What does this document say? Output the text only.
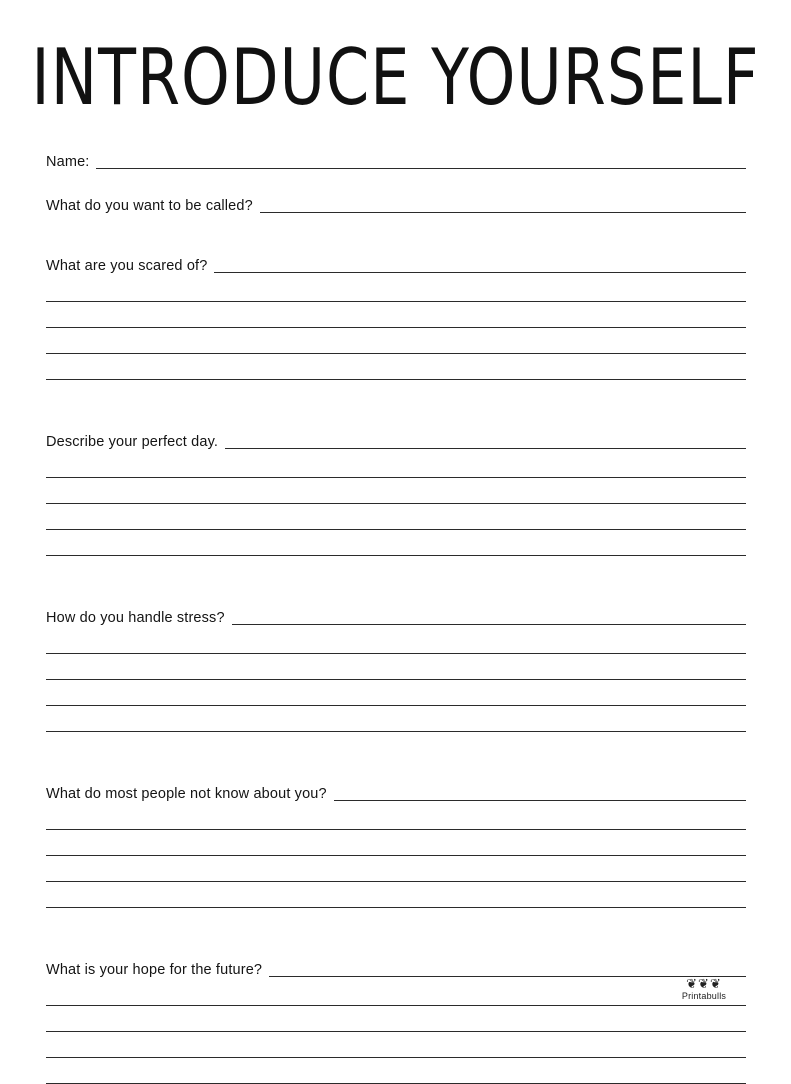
INTRODUCE YOURSELF
Name:
What do you want to be called?
What are you scared of?
Describe your perfect day.
How do you handle stress?
What do most people not know about you?
What is your hope for the future?
❦❦❦
Printabulls
